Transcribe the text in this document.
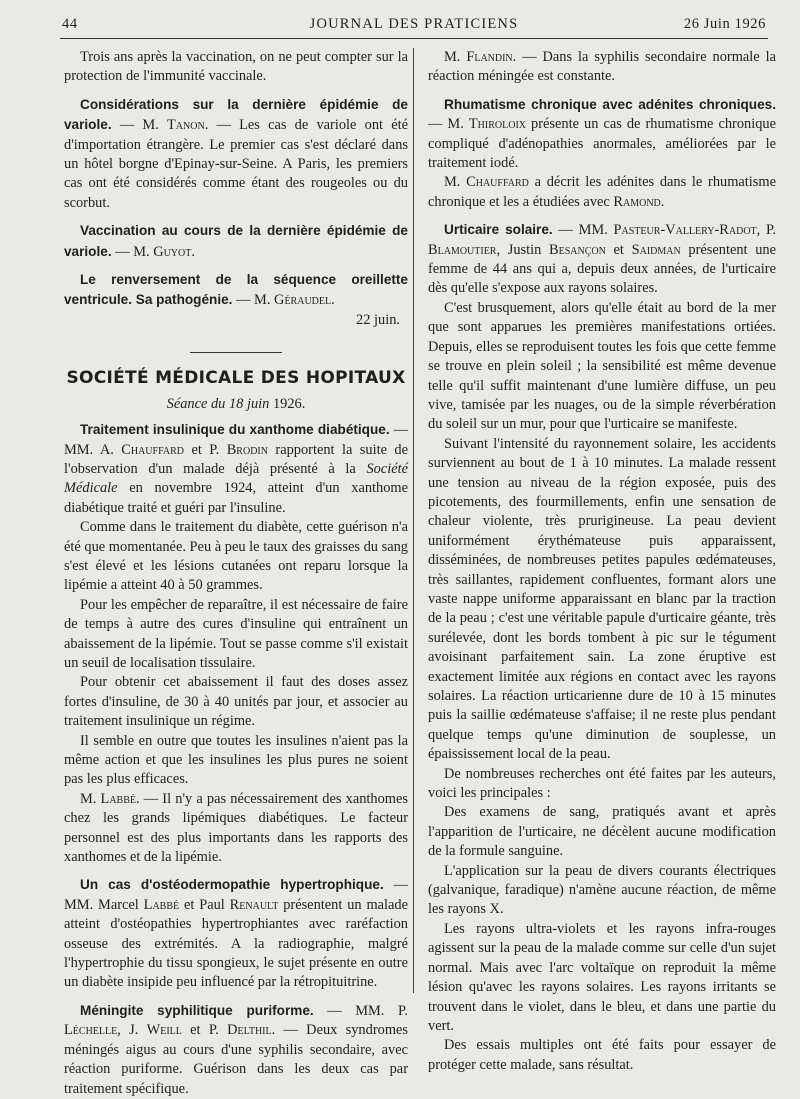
44	JOURNAL DES PRATICIENS	26 Juin 1926

Trois ans après la vaccination, on ne peut compter sur la protection de l'immunité vaccinale.

Considérations sur la dernière épidémie de variole. — M. Tanon. — Les cas de variole ont été d'importation étrangère. Le premier cas s'est déclaré dans un hôtel borgne d'Epinay-sur-Seine. A Paris, les premiers cas ont été considérés comme étant des rougeoles ou du scorbut.

Vaccination au cours de la dernière épidémie de variole. — M. Guyot.

Le renversement de la séquence oreillette ventricule. Sa pathogénie. — M. Géraudel.

22 juin.

SOCIÉTÉ MÉDICALE DES HOPITAUX

Séance du 18 juin 1926.

Traitement insulinique du xanthome diabétique. — MM. A. Chauffard et P. Brodin rapportent la suite de l'observation d'un malade déjà présenté à la Société Médicale en novembre 1924, atteint d'un xanthome diabétique traité et guéri par l'insuline.

Comme dans le traitement du diabète, cette guérison n'a été que momentanée. Peu à peu le taux des graisses du sang s'est élevé et les lésions cutanées ont reparu lorsque la lipémie a atteint 40 à 50 grammes.

Pour les empêcher de reparaître, il est nécessaire de faire de temps à autre des cures d'insuline qui entraînent un abaissement de la lipémie. Tout se passe comme s'il existait un seuil de localisation tissulaire.

Pour obtenir cet abaissement il faut des doses assez fortes d'insuline, de 30 à 40 unités par jour, et associer au traitement insulinique un régime.

Il semble en outre que toutes les insulines n'aient pas la même action et que les insulines les plus pures ne soient pas les plus efficaces.

M. Labbé. — Il n'y a pas nécessairement des xanthomes chez les grands lipémiques diabétiques. Le facteur personnel est des plus importants dans les rapports des xanthomes et de la lipémie.

Un cas d'ostéodermopathie hypertrophique. — MM. Marcel Labbé et Paul Renault présentent un malade atteint d'ostéopathies hypertrophiantes avec raréfaction osseuse des extrémités. A la radiographie, malgré l'hypertrophie du tissu spongieux, le sujet présente en outre un diabète insipide peu influencé par la rétropituitrine.

Méningite syphilitique puriforme. — MM. P. Léchelle, J. Weill et P. Delthil. — Deux syndromes méningés aigus au cours d'une syphilis secondaire, avec réaction puriforme. Guérison dans les deux cas par traitement spécifique.

M. Flandin. — Dans la syphilis secondaire normale la réaction méningée est constante.

Rhumatisme chronique avec adénites chroniques. — M. Thiroloix présente un cas de rhumatisme chronique compliqué d'adénopathies anormales, améliorées par le traitement iodé.

M. Chauffard a décrit les adénites dans le rhumatisme chronique et les a étudiées avec Ramond.

Urticaire solaire. — MM. Pasteur-Vallery-Radot, P. Blamoutier, Justin Besançon et Saidman présentent une femme de 44 ans qui a, depuis deux années, de l'urticaire dès qu'elle s'expose aux rayons solaires.

C'est brusquement, alors qu'elle était au bord de la mer que sont apparues les premières manifestations ortiées. Depuis, elles se reproduisent toutes les fois que cette femme se trouve en plein soleil ; la sensibilité est même devenue telle qu'il suffit maintenant d'une lumière diffuse, un peu vive, tamisée par les nuages, ou de la simple réverbération du soleil sur un mur, pour que l'urticaire se manifeste.

Suivant l'intensité du rayonnement solaire, les accidents surviennent au bout de 1 à 10 minutes. La malade ressent une tension au niveau de la région exposée, puis des picotements, des fourmillements, enfin une sensation de chaleur violente, très prurigineuse. La peau devient uniformément érythémateuse puis apparaissent, disséminées, de nombreuses petites papules œdémateuses, très saillantes, rapidement confluentes, formant alors une vaste nappe uniforme apparaissant en blanc par la traction de la peau ; c'est une véritable papule d'urticaire géante, très surélevée, dont les bords tombent à pic sur le tégument avoisinant parfaitement sain. La zone éruptive est exactement limitée aux régions en contact avec les rayons solaires. La réaction urticarienne dure de 10 à 15 minutes puis la saillie œdémateuse s'affaise; il ne reste plus pendant quelque temps qu'une diminution de souplesse, un épaississement local de la peau.

De nombreuses recherches ont été faites par les auteurs, voici les principales :

Des examens de sang, pratiqués avant et après l'apparition de l'urticaire, ne décèlent aucune modification de la formule sanguine.

L'application sur la peau de divers courants électriques (galvanique, faradique) n'amène aucune réaction, de même les rayons X.

Les rayons ultra-violets et les rayons infra-rouges agissent sur la peau de la malade comme sur celle d'un sujet normal. Mais avec l'arc voltaïque on reproduit la même lésion qu'avec les rayons solaires. Les rayons irritants se trouvent dans le violet, dans le bleu, et dans une partie du vert.

Des essais multiples ont été faits pour essayer de protéger cette malade, sans résultat.
